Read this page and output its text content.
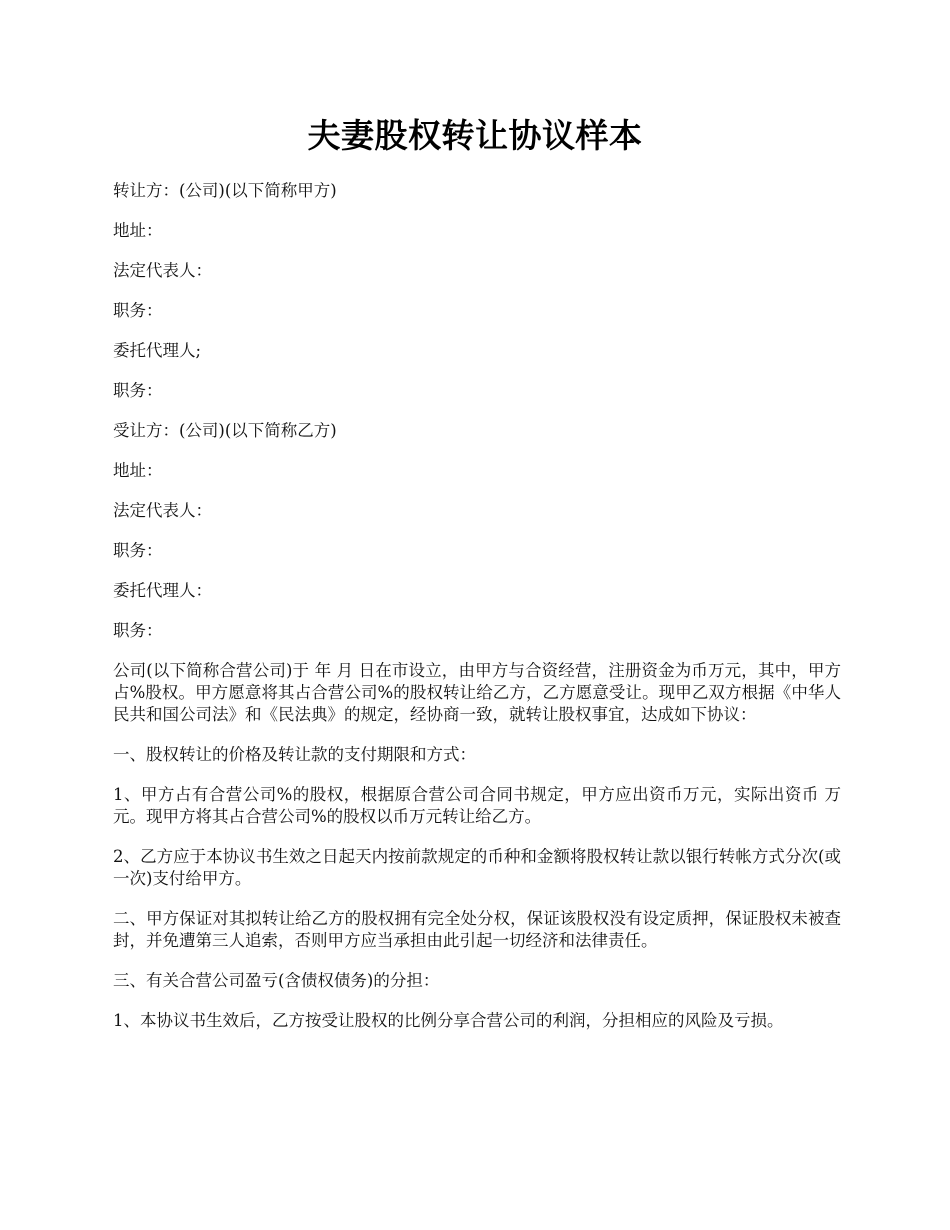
夫妻股权转让协议样本

转让方：(公司)(以下简称甲方)

地址：

法定代表人：

职务：

委托代理人;

职务：

受让方：(公司)(以下简称乙方)

地址：

法定代表人：

职务：

委托代理人：

职务：

公司(以下简称合营公司)于 年 月 日在市设立，由甲方与合资经营，注册资金为币万元，其中，甲方占%股权。甲方愿意将其占合营公司%的股权转让给乙方，乙方愿意受让。现甲乙双方根据《中华人民共和国公司法》和《民法典》的规定，经协商一致，就转让股权事宜，达成如下协议：

一、股权转让的价格及转让款的支付期限和方式：

1、甲方占有合营公司%的股权，根据原合营公司合同书规定，甲方应出资币万元，实际出资币 万元。现甲方将其占合营公司%的股权以币万元转让给乙方。

2、乙方应于本协议书生效之日起天内按前款规定的币种和金额将股权转让款以银行转帐方式分次(或一次)支付给甲方。

二、甲方保证对其拟转让给乙方的股权拥有完全处分权，保证该股权没有设定质押，保证股权未被查封，并免遭第三人追索，否则甲方应当承担由此引起一切经济和法律责任。

三、有关合营公司盈亏(含债权债务)的分担：

1、本协议书生效后，乙方按受让股权的比例分享合营公司的利润，分担相应的风险及亏损。
